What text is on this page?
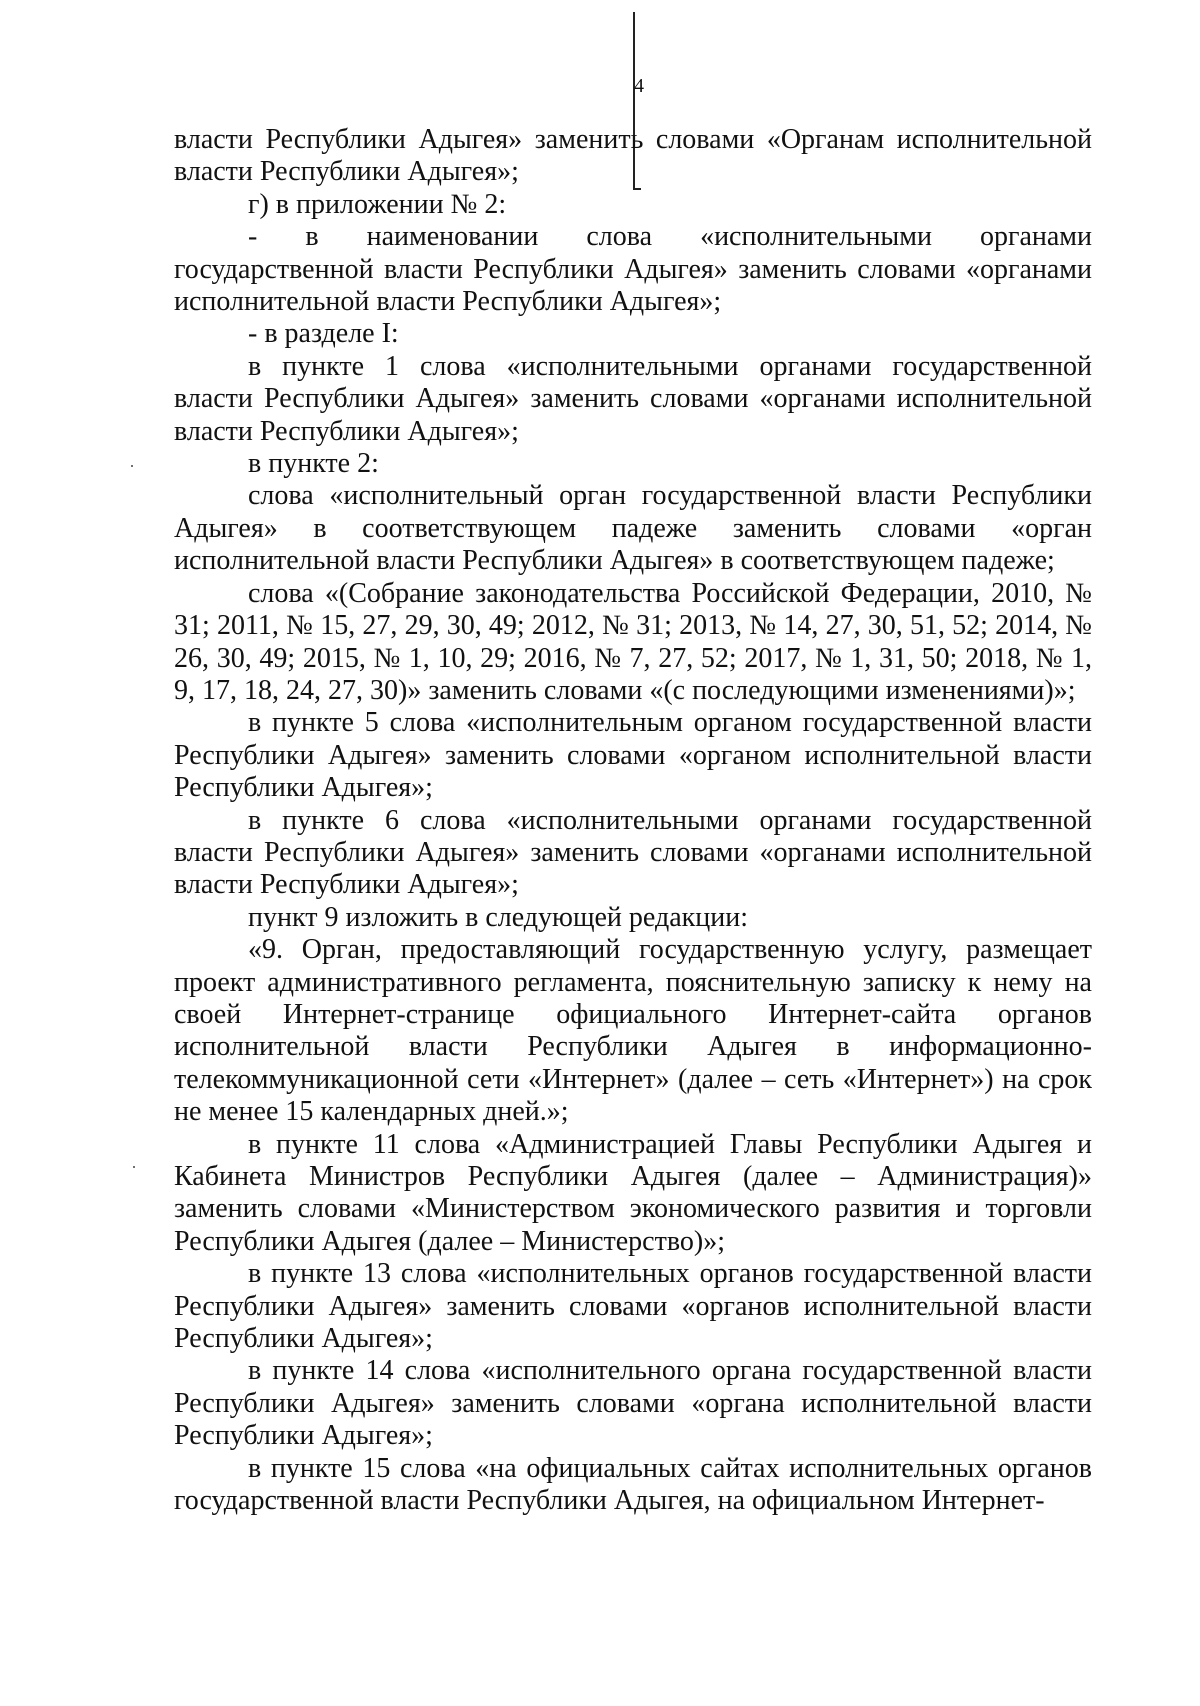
4

власти Республики Адыгея» заменить словами «Органам исполнительной власти Республики Адыгея»;

г) в приложении № 2:

- в наименовании слова «исполнительными органами государственной власти Республики Адыгея» заменить словами «органами исполнительной власти Республики Адыгея»;

- в разделе I:

в пункте 1 слова «исполнительными органами государственной власти Республики Адыгея» заменить словами «органами исполнительной власти Республики Адыгея»;

в пункте 2:

слова «исполнительный орган государственной власти Республики Адыгея» в соответствующем падеже заменить словами «орган исполнительной власти Республики Адыгея» в соответствующем падеже;

слова «(Собрание законодательства Российской Федерации, 2010, № 31; 2011, № 15, 27, 29, 30, 49; 2012, № 31; 2013, № 14, 27, 30, 51, 52; 2014, № 26, 30, 49; 2015, № 1, 10, 29; 2016, № 7, 27, 52; 2017, № 1, 31, 50; 2018, № 1, 9, 17, 18, 24, 27, 30)» заменить словами «(с последующими изменениями)»;

в пункте 5 слова «исполнительным органом государственной власти Республики Адыгея» заменить словами «органом исполнительной власти Республики Адыгея»;

в пункте 6 слова «исполнительными органами государственной власти Республики Адыгея» заменить словами «органами исполнительной власти Республики Адыгея»;

пункт 9 изложить в следующей редакции:

«9. Орган, предоставляющий государственную услугу, размещает проект административного регламента, пояснительную записку к нему на своей Интернет-странице официального Интернет-сайта органов исполнительной власти Республики Адыгея в информационно-телекоммуникационной сети «Интернет» (далее – сеть «Интернет») на срок не менее 15 календарных дней.»;

в пункте 11 слова «Администрацией Главы Республики Адыгея и Кабинета Министров Республики Адыгея (далее – Администрация)» заменить словами «Министерством экономического развития и торговли Республики Адыгея (далее – Министерство)»;

в пункте 13 слова «исполнительных органов государственной власти Республики Адыгея» заменить словами «органов исполнительной власти Республики Адыгея»;

в пункте 14 слова «исполнительного органа государственной власти Республики Адыгея» заменить словами «органа исполнительной власти Республики Адыгея»;

в пункте 15 слова «на официальных сайтах исполнительных органов государственной власти Республики Адыгея, на официальном Интернет-
